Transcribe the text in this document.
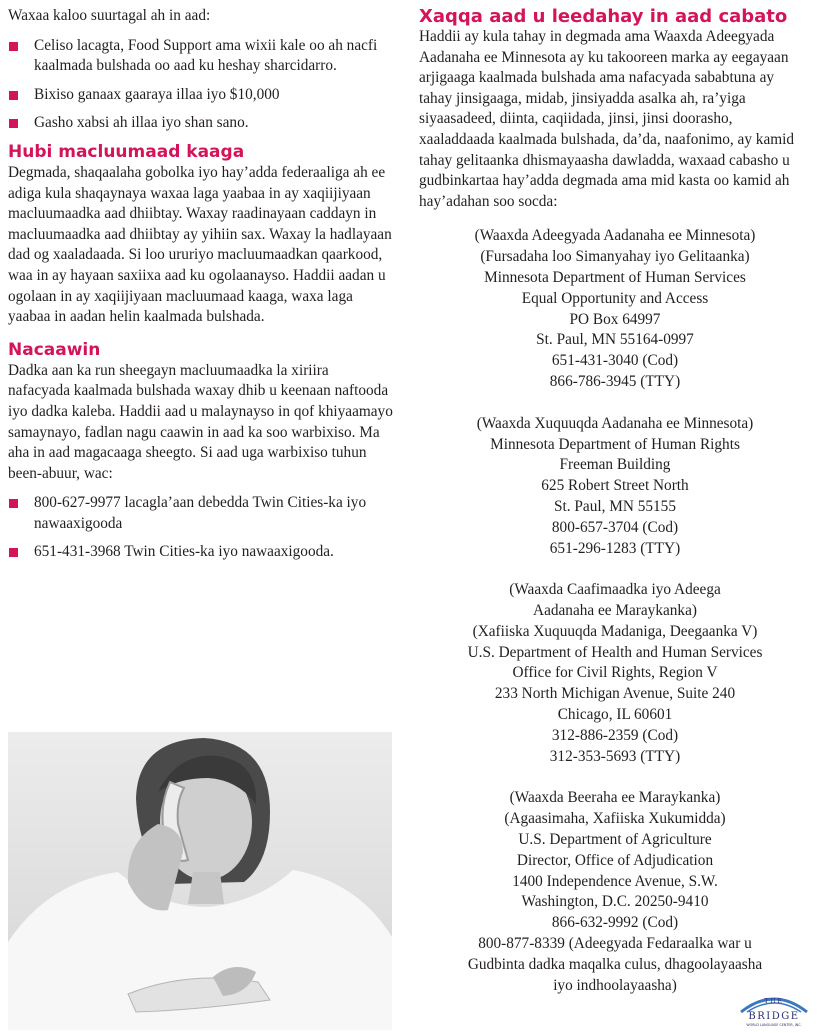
Waxaa kaloo suurtagal ah in aad:

Celiso lacagta, Food Support ama wixii kale oo ah nacfi kaalmada bulshada oo aad ku heshay sharcidarro.
Bixiso ganaax gaaraya illaa iyo $10,000
Gasho xabsi ah illaa iyo shan sano.
Hubi macluumaad kaaga

Degmada, shaqaalaha gobolka iyo hay’adda federaaliga ah ee adiga kula shaqaynaya waxaa laga yaabaa in ay xaqiijiyaan macluumaadka aad dhiibtay. Waxay raadinayaan caddayn in macluumaadka aad dhiibtay ay yihiin sax. Waxay la hadlayaan dad og xaaladaada. Si loo ururiyo macluumaadkan qaarkood, waa in ay hayaan saxiixa aad ku ogolaanayso. Haddii aadan u ogolaan in ay xaqiijiyaan macluumaad kaaga, waxa laga yaabaa in aadan helin kaalmada bulshada.

Nacaawin

Dadka aan ka run sheegayn macluumaadka la xiriira nafacyada kaalmada bulshada waxay dhib u keenaan naftooda iyo dadka kaleba. Haddii aad u malaynayso in qof khiyaamayo samaynayo, fadlan nagu caawin in aad ka soo warbixiso. Ma aha in aad magacaaga sheegto. Si aad uga warbixiso tuhun been-abuur, wac:

800-627-9977 lacagla’aan debedda Twin Cities-ka iyo nawaaxigooda
651-431-3968 Twin Cities-ka iyo nawaaxigooda.
Xaqqa aad u leedahay in aad cabato

Haddii ay kula tahay in degmada ama Waaxda Adeegyada Aadanaha ee Minnesota ay ku takooreen marka ay eegayaan arjigaaga kaalmada bulshada ama nafacyada sababtuna ay tahay jinsigaaga, midab, jinsiyadda asalka ah, ra’yiga siyaasadeed, diinta, caqiidada, jinsi, jinsi doorasho, xaaladdaada kaalmada bulshada, da’da, naafonimo, ay kamid tahay gelitaanka dhismayaasha dawladda, waxaad cabasho u gudbinkartaa hay’adda degmada ama mid kasta oo kamid ah hay’adahan soo socda:

(Waaxda Adeegyada Aadanaha ee Minnesota)
(Fursadaha loo Simanyahay iyo Gelitaanka)
Minnesota Department of Human Services
Equal Opportunity and Access
PO Box 64997
St. Paul, MN 55164-0997
651-431-3040 (Cod)
866-786-3945 (TTY)
(Waaxda Xuquuqda Aadanaha ee Minnesota)
Minnesota Department of Human Rights
Freeman Building
625 Robert Street North
St. Paul, MN 55155
800-657-3704 (Cod)
651-296-1283 (TTY)
(Waaxda Caafimaadka iyo Adeega
Aadanaha ee Maraykanka)
(Xafiiska Xuquuqda Madaniga, Deegaanka V)
U.S. Department of Health and Human Services
Office for Civil Rights, Region V
233 North Michigan Avenue, Suite 240
Chicago, IL 60601
312-886-2359 (Cod)
312-353-5693 (TTY)
(Waaxda Beeraha ee Maraykanka)
(Agaasimaha, Xafiiska Xukumidda)
U.S. Department of Agriculture
Director, Office of Adjudication
1400 Independence Avenue, S.W.
Washington, D.C. 20250-9410
866-632-9992 (Cod)
800-877-8339 (Adeegyada Fedaraalka war u
Gudbinta dadka maqalka culus, dhagoolayaasha
iyo indhoolayaasha)
THE
BRIDGE
WORLD LANGUAGE CENTER, INC.
